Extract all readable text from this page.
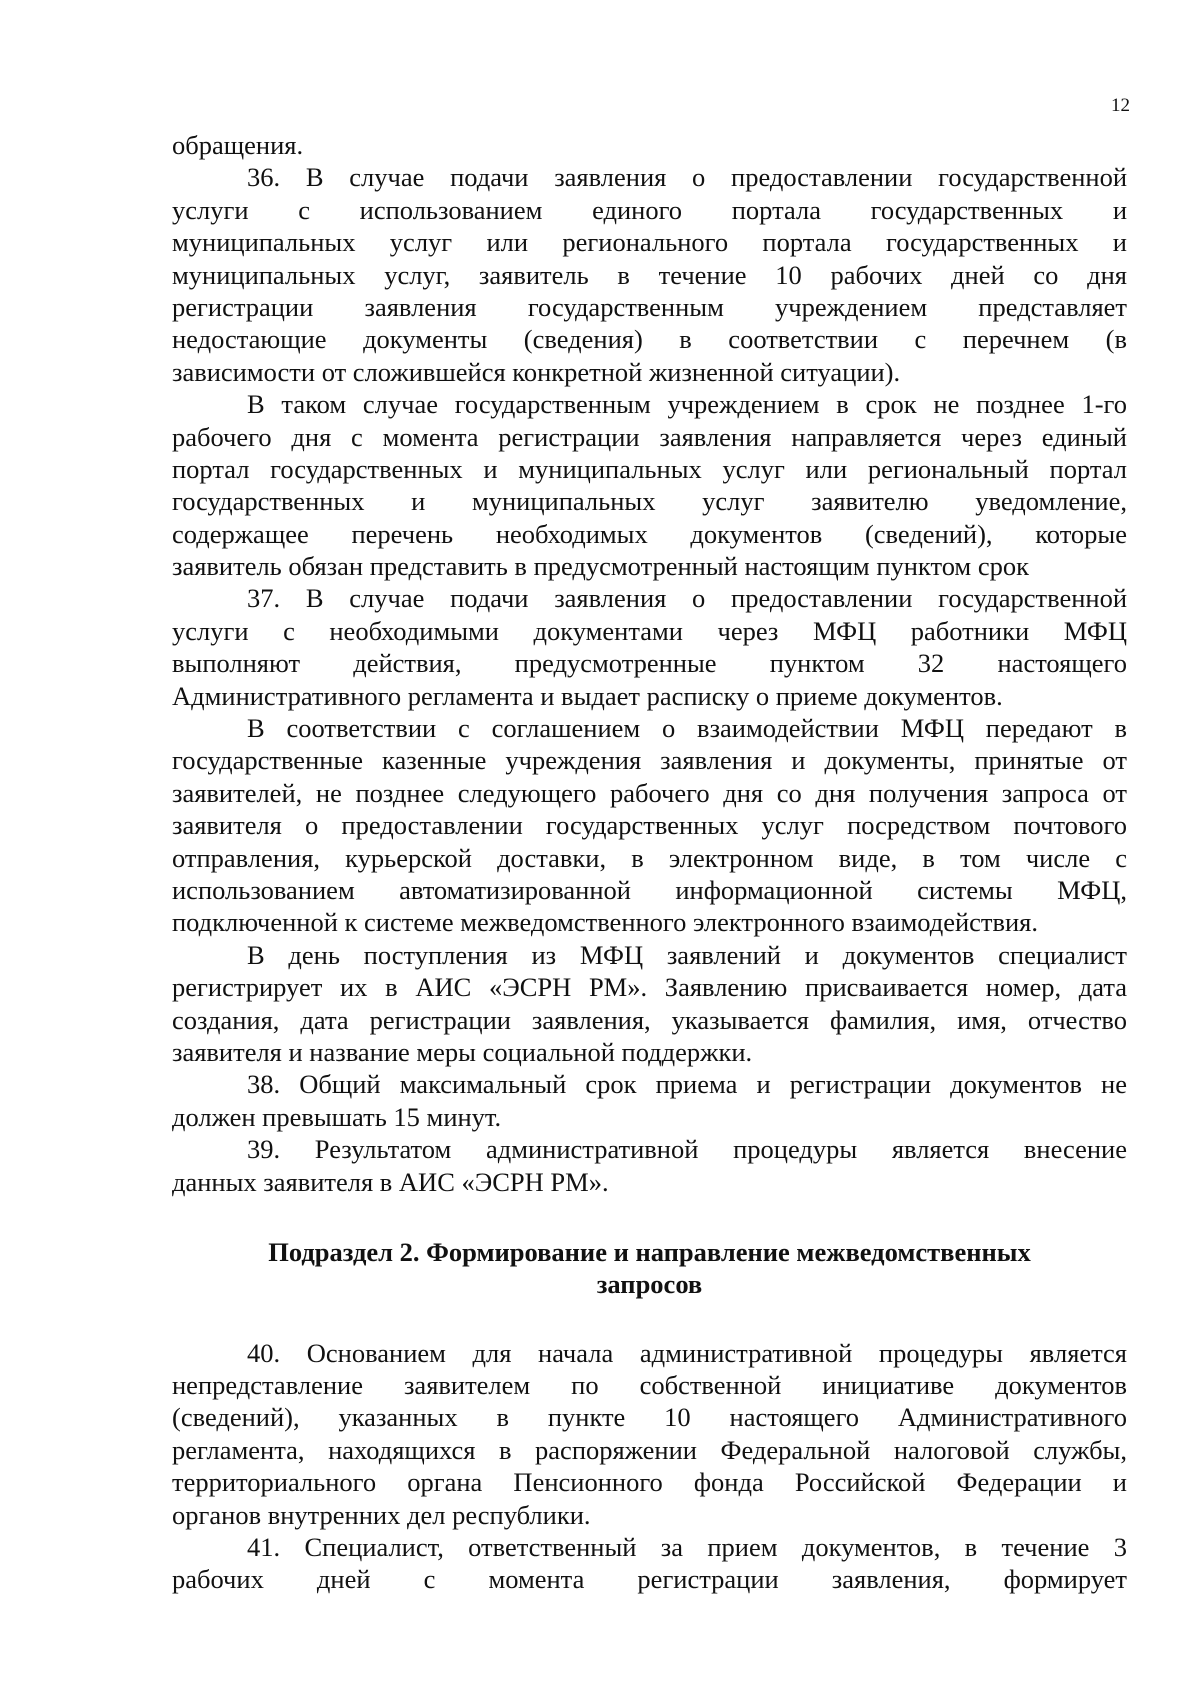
12
обращения.
36. В случае подачи заявления о предоставлении государственной
услуги с использованием единого портала государственных и
муниципальных услуг или регионального портала государственных и
муниципальных услуг, заявитель в течение 10 рабочих дней со дня
регистрации заявления государственным учреждением представляет
недостающие документы (сведения) в соответствии с перечнем (в
зависимости от сложившейся конкретной жизненной ситуации).
В таком случае государственным учреждением в срок не позднее 1-го
рабочего дня с момента регистрации заявления направляется через единый
портал государственных и муниципальных услуг или региональный портал
государственных и муниципальных услуг заявителю уведомление,
содержащее перечень необходимых документов (сведений), которые
заявитель обязан представить в предусмотренный настоящим пунктом срок
37. В случае подачи заявления о предоставлении государственной
услуги с необходимыми документами через МФЦ работники МФЦ
выполняют действия, предусмотренные пунктом 32 настоящего
Административного регламента и выдает расписку о приеме документов.
В соответствии с соглашением о взаимодействии МФЦ передают в
государственные казенные учреждения заявления и документы, принятые от
заявителей, не позднее следующего рабочего дня со дня получения запроса от
заявителя о предоставлении государственных услуг посредством почтового
отправления, курьерской доставки, в электронном виде, в том числе с
использованием автоматизированной информационной системы МФЦ,
подключенной к системе межведомственного электронного взаимодействия.
В день поступления из МФЦ заявлений и документов специалист
регистрирует их в АИС «ЭСРН РМ». Заявлению присваивается номер, дата
создания, дата регистрации заявления, указывается фамилия, имя, отчество
заявителя и название меры социальной поддержки.
38. Общий максимальный срок приема и регистрации документов не
должен превышать 15 минут.
39. Результатом административной процедуры является внесение
данных заявителя в АИС «ЭСРН РМ».
Подраздел 2. Формирование и направление межведомственных
запросов
40. Основанием для начала административной процедуры является
непредставление заявителем по собственной инициативе документов
(сведений), указанных в пункте 10 настоящего Административного
регламента, находящихся в распоряжении Федеральной налоговой службы,
территориального органа Пенсионного фонда Российской Федерации и
органов внутренних дел республики.
41. Специалист, ответственный за прием документов, в течение 3
рабочих дней с момента регистрации заявления, формирует
